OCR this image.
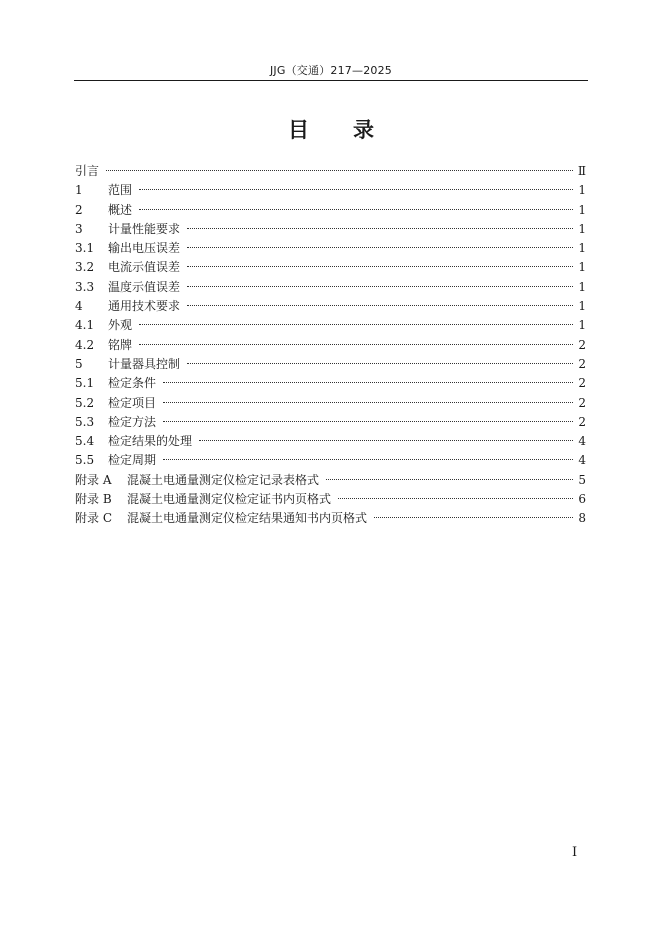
JJG（交通）217—2025
目录
引言	Ⅱ
1	范围	1
2	概述	1
3	计量性能要求	1
3.1	输出电压误差	1
3.2	电流示值误差	1
3.3	温度示值误差	1
4	通用技术要求	1
4.1	外观	1
4.2	铭牌	2
5	计量器具控制	2
5.1	检定条件	2
5.2	检定项目	2
5.3	检定方法	2
5.4	检定结果的处理	4
5.5	检定周期	4
附录 A	混凝土电通量测定仪检定记录表格式	5
附录 B	混凝土电通量测定仪检定证书内页格式	6
附录 C	混凝土电通量测定仪检定结果通知书内页格式	8
I
